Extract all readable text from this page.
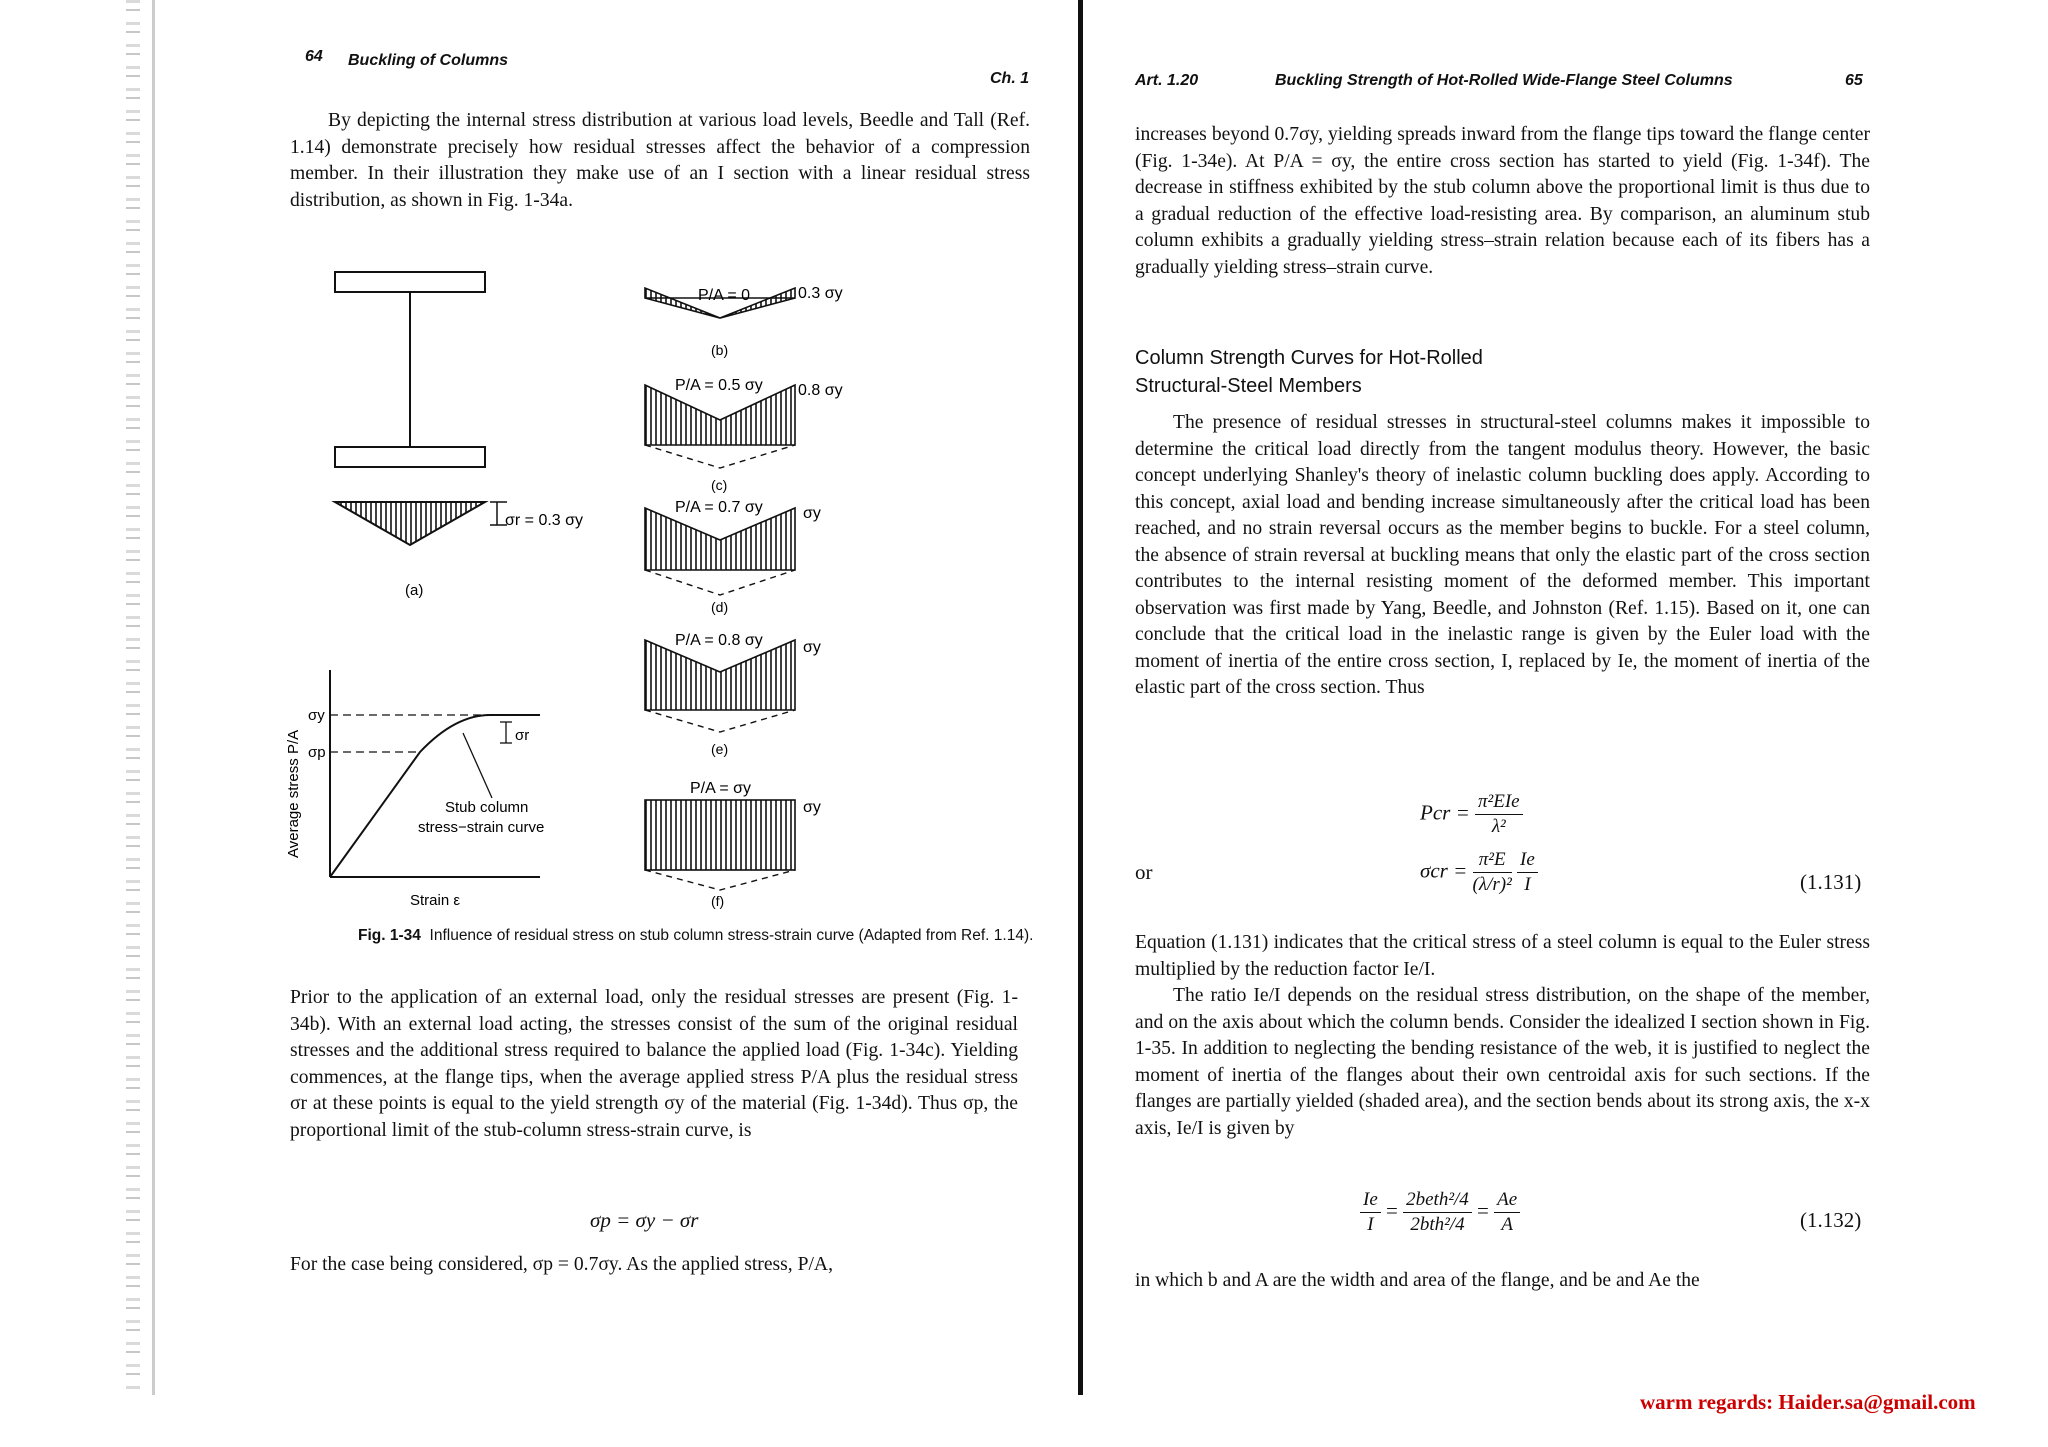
64 Buckling of Columns
Ch. 1

By depicting the internal stress distribution at various load levels, Beedle and Tall (Ref. 1.14) demonstrate precisely how residual stresses affect the behavior of a compression member. In their illustration they make use of an I section with a linear residual stress distribution, as shown in Fig. 1-34a.

σr = 0.3 σy
(a)
P/A = 0	0.3 σy
(b)
P/A = 0.5 σy 0.8 σy
(c)
P/A = 0.7 σy	σy
(d)
P/A = 0.8 σy	σy
(e)
P/A = σy
σy
(f)
σr
σy
σp
Stub column
stress−strain curve
Strain ε
Average stress P/A

Fig. 1-34 Influence of residual stress on stub column stress-strain curve (Adapted from Ref. 1.14).

Prior to the application of an external load, only the residual stresses are present (Fig. 1-34b). With an external load acting, the stresses consist of the sum of the original residual stresses and the additional stress required to balance the applied load (Fig. 1-34c). Yielding commences, at the flange tips, when the average applied stress P/A plus the residual stress σr at these points is equal to the yield strength σy of the material (Fig. 1-34d). Thus σp, the proportional limit of the stub-column stress-strain curve, is

σp = σy − σr

For the case being considered, σp = 0.7σy. As the applied stress, P/A,

Art. 1.20	Buckling Strength of Hot-Rolled Wide-Flange Steel Columns	65

increases beyond 0.7σy, yielding spreads inward from the flange tips toward the flange center (Fig. 1-34e). At P/A = σy, the entire cross section has started to yield (Fig. 1-34f). The decrease in stiffness exhibited by the stub column above the proportional limit is thus due to a gradual reduction of the effective load-resisting area. By comparison, an aluminum stub column exhibits a gradually yielding stress–strain relation because each of its fibers has a gradually yielding stress–strain curve.

Column Strength Curves for Hot-Rolled

Structural-Steel Members

The presence of residual stresses in structural-steel columns makes it impossible to determine the critical load directly from the tangent modulus theory. However, the basic concept underlying Shanley's theory of inelastic column buckling does apply. According to this concept, axial load and bending increase simultaneously after the critical load has been reached, and no strain reversal occurs as the member begins to buckle. For a steel column, the absence of strain reversal at buckling means that only the elastic part of the cross section contributes to the internal resisting moment of the deformed member. This important observation was first made by Yang, Beedle, and Johnston (Ref. 1.15). Based on it, one can conclude that the critical load in the inelastic range is given by the Euler load with the moment of inertia of the entire cross section, I, replaced by Ie, the moment of inertia of the elastic part of the cross section. Thus

Pcr = $\frac{\text{π²EIe}}{\text{λ²}}$
or	$\sigma cr = \frac{\text{π²E}}{\text{(λ/r)²}}$
$\frac{Ie}{I}$	(1.131)

Equation (1.131) indicates that the critical stress of a steel column is equal to the Euler stress multiplied by the reduction factor Ie/I.

The ratio Ie/I depends on the residual stress distribution, on the shape of the member, and on the axis about which the column bends. Consider the idealized I section shown in Fig. 1-35. In addition to neglecting the bending resistance of the web, it is justified to neglect the moment of inertia of the flanges about their own centroidal axis for such sections. If the flanges are partially yielded (shaded area), and the section bends about its strong axis, the x-x axis, Ie/I is given by

$\frac{Ie}{I} = \frac{\text{2beth²/4}}{\text{2bth²/4}} = \frac{Ae}{A}$	(1.132)

in which b and A are the width and area of the flange, and be and Ae the

warm regards: Haider.sa@gmail.com
